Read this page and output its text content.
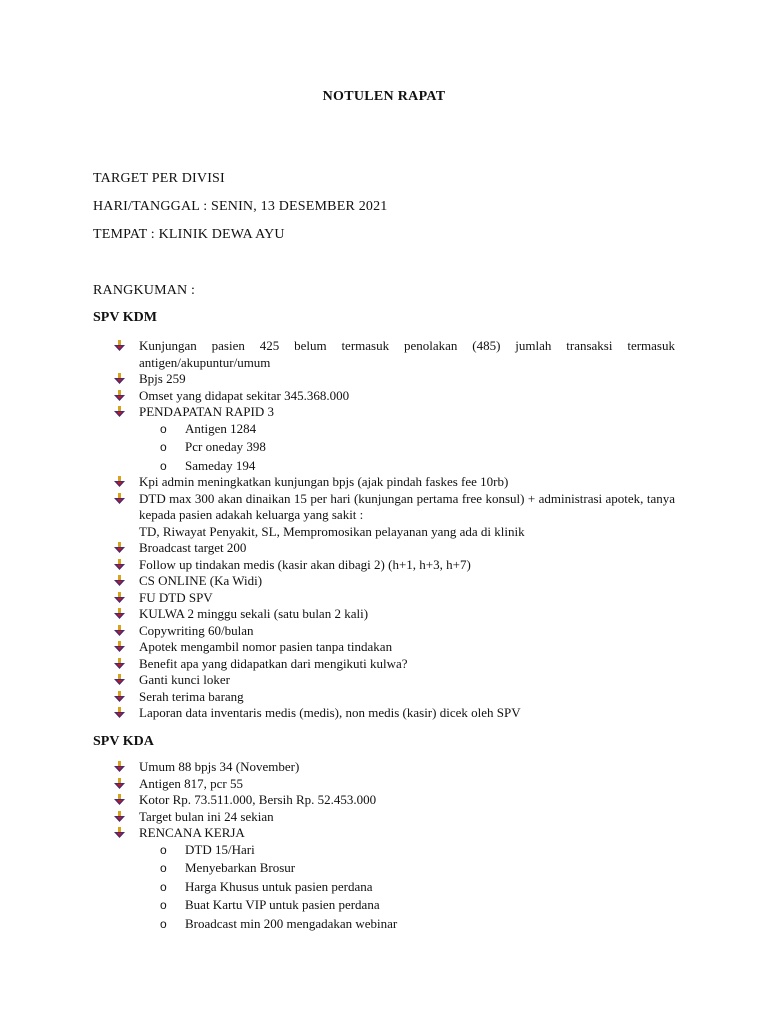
NOTULEN RAPAT
TARGET PER DIVISI
HARI/TANGGAL : SENIN, 13 DESEMBER 2021
TEMPAT : KLINIK DEWA AYU
RANGKUMAN :
SPV KDM
Kunjungan pasien 425 belum termasuk penolakan (485) jumlah transaksi termasuk antigen/akupuntur/umum
Bpjs 259
Omset yang didapat sekitar 345.368.000
PENDAPATAN RAPID 3
o Antigen 1284
o Pcr oneday 398
o Sameday 194
Kpi admin meningkatkan kunjungan bpjs (ajak pindah faskes fee 10rb)
DTD max 300 akan dinaikan 15 per hari (kunjungan pertama free konsul) + administrasi apotek, tanya kepada pasien adakah keluarga yang sakit :
TD, Riwayat Penyakit, SL, Mempromosikan pelayanan yang ada di klinik
Broadcast target 200
Follow up tindakan medis (kasir akan dibagi 2) (h+1, h+3, h+7)
CS ONLINE (Ka Widi)
FU DTD SPV
KULWA 2 minggu sekali (satu bulan 2 kali)
Copywriting 60/bulan
Apotek mengambil nomor pasien tanpa tindakan
Benefit apa yang didapatkan dari mengikuti kulwa?
Ganti kunci loker
Serah terima barang
Laporan data inventaris medis (medis), non medis (kasir) dicek oleh SPV
SPV KDA
Umum 88 bpjs 34 (November)
Antigen 817, pcr 55
Kotor Rp. 73.511.000, Bersih Rp. 52.453.000
Target bulan ini 24 sekian
RENCANA KERJA
o DTD 15/Hari
o Menyebarkan Brosur
o Harga Khusus untuk pasien perdana
o Buat Kartu VIP untuk pasien perdana
o Broadcast min 200 mengadakan webinar
